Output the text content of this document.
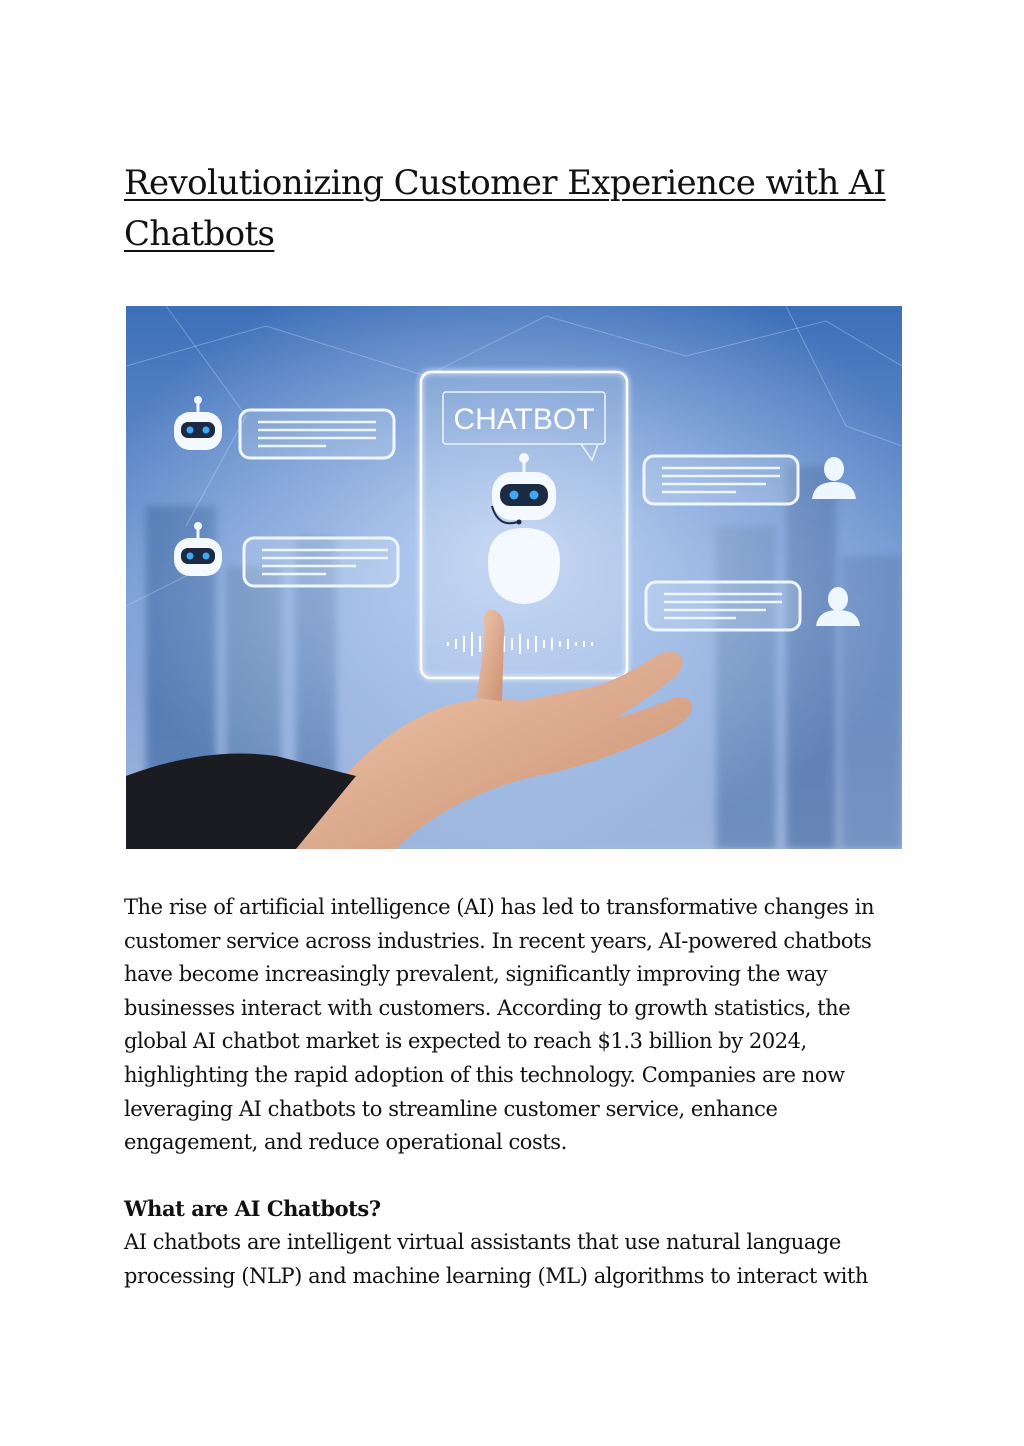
Revolutionizing Customer Experience with AI Chatbots
CHATBOT

The rise of artificial intelligence (AI) has led to transformative changes in customer service across industries. In recent years, AI-powered chatbots have become increasingly prevalent, significantly improving the way businesses interact with customers. According to growth statistics, the global AI chatbot market is expected to reach $1.3 billion by 2024, highlighting the rapid adoption of this technology. Companies are now leveraging AI chatbots to streamline customer service, enhance engagement, and reduce operational costs.

What are AI Chatbots?

AI chatbots are intelligent virtual assistants that use natural language processing (NLP) and machine learning (ML) algorithms to interact with
